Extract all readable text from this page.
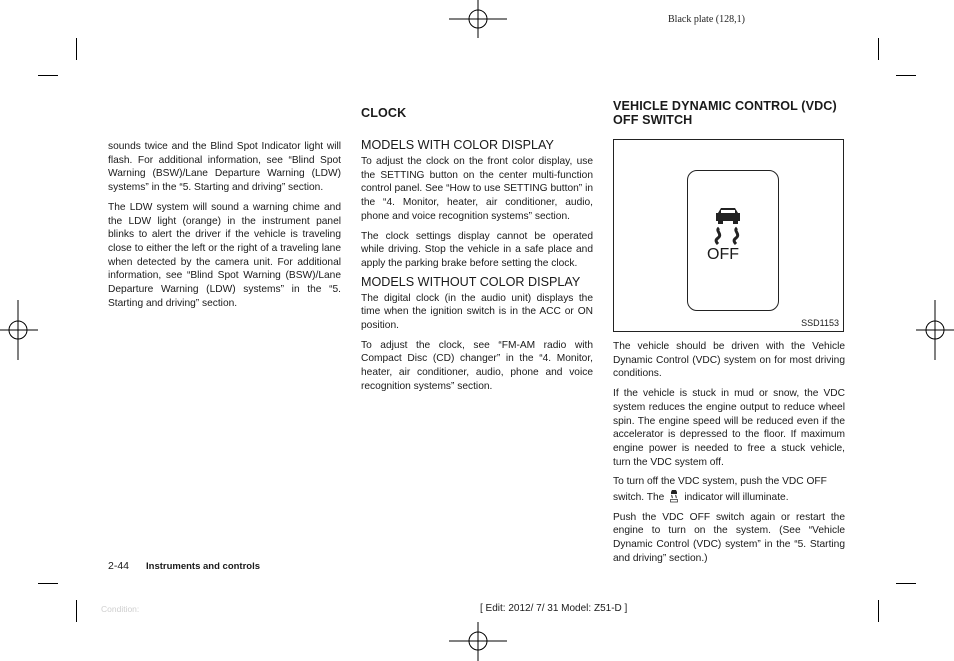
Black plate (128,1)

sounds twice and the Blind Spot Indicator light will flash. For additional information, see “Blind Spot Warning (BSW)/Lane Departure Warning (LDW) systems” in the “5. Starting and driving” section.

The LDW system will sound a warning chime and the LDW light (orange) in the instrument panel blinks to alert the driver if the vehicle is traveling close to either the left or the right of a traveling lane when detected by the camera unit. For additional information, see “Blind Spot Warning (BSW)/Lane Departure Warning (LDW) systems” in the “5. Starting and driving” section.

CLOCK
MODELS WITH COLOR DISPLAY

To adjust the clock on the front color display, use the SETTING button on the center multi-function control panel. See “How to use SETTING button” in the “4. Monitor, heater, air conditioner, audio, phone and voice recognition systems” section.

The clock settings display cannot be operated while driving. Stop the vehicle in a safe place and apply the parking brake before setting the clock.

MODELS WITHOUT COLOR DISPLAY

The digital clock (in the audio unit) displays the time when the ignition switch is in the ACC or ON position.

To adjust the clock, see “FM-AM radio with Compact Disc (CD) changer” in the “4. Monitor, heater, air conditioner, audio, phone and voice recognition systems” section.

VEHICLE DYNAMIC CONTROL (VDC)
OFF SWITCH
OFF
SSD1153

The vehicle should be driven with the Vehicle Dynamic Control (VDC) system on for most driving conditions.

If the vehicle is stuck in mud or snow, the VDC system reduces the engine output to reduce wheel spin. The engine speed will be reduced even if the accelerator is depressed to the floor. If maximum engine power is needed to free a stuck vehicle, turn the VDC system off.

To turn off the VDC system, push the VDC OFF switch. The indicator will illuminate.

Push the VDC OFF switch again or restart the engine to turn on the system. (See “Vehicle Dynamic Control (VDC) system” in the “5. Starting and driving” section.)

2-44 Instruments and controls
Condition:	[ Edit: 2012/ 7/ 31 Model: Z51-D ]
